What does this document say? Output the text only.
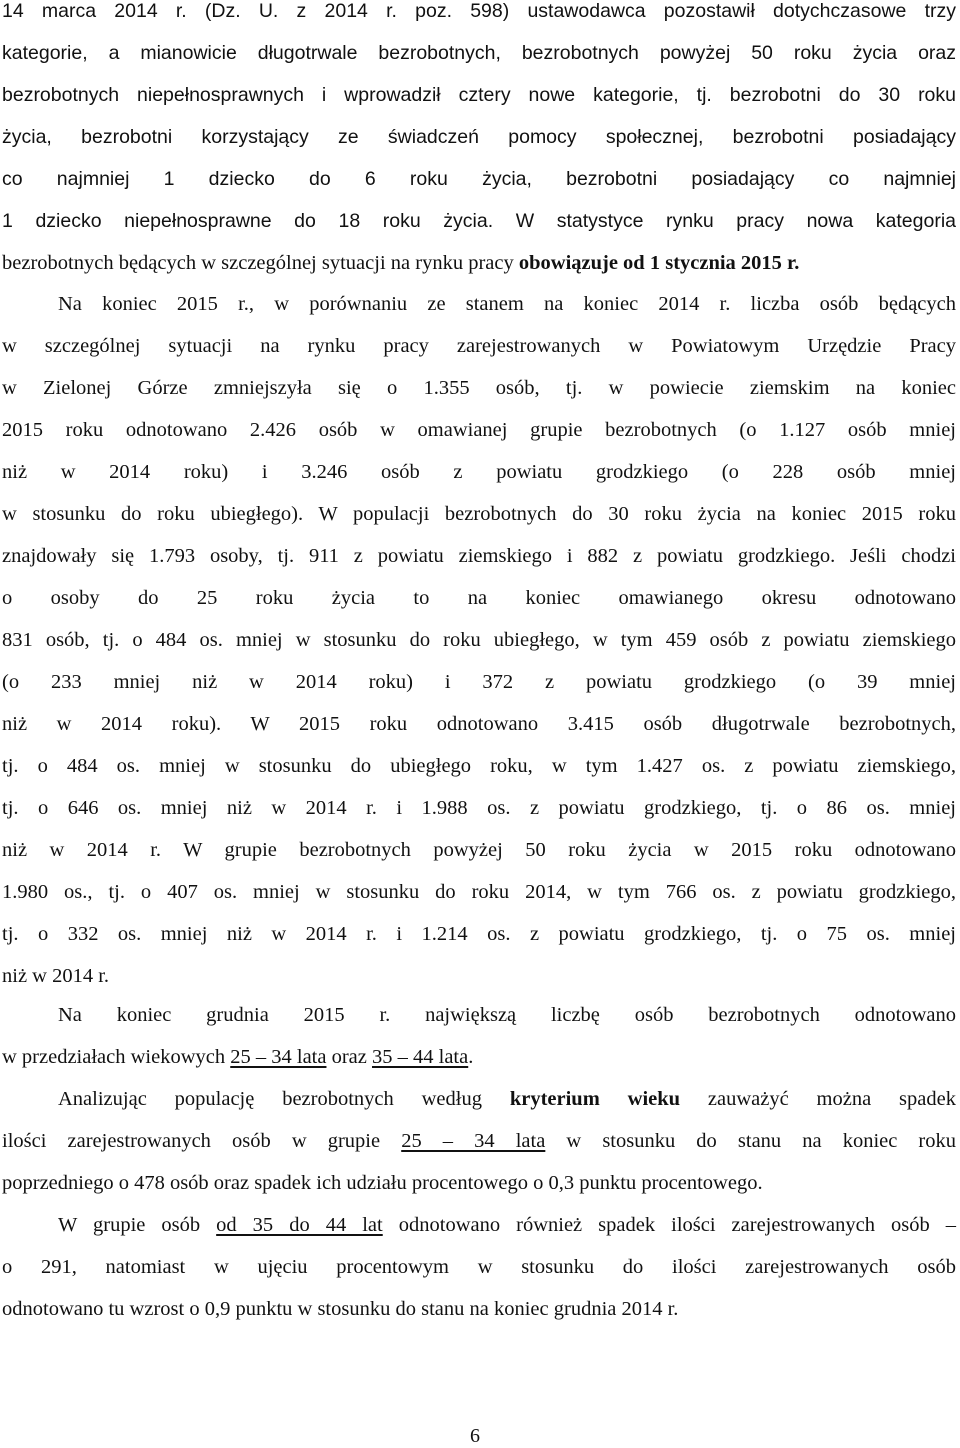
6
14 marca 2014 r. (Dz. U. z 2014 r. poz. 598) ustawodawca pozostawił dotychczasowe trzy
kategorie, a mianowicie długotrwale bezrobotnych, bezrobotnych powyżej 50 roku życia oraz
bezrobotnych niepełnosprawnych i wprowadził cztery nowe kategorie, tj. bezrobotni do 30 roku
życia, bezrobotni korzystający ze świadczeń pomocy społecznej, bezrobotni posiadający
co najmniej 1 dziecko do 6 roku życia, bezrobotni posiadający co najmniej
1 dziecko niepełnosprawne do 18 roku życia. W statystyce rynku pracy nowa kategoria
bezrobotnych będących w szczególnej sytuacji na rynku pracy obowiązuje od 1 stycznia 2015 r.
Na koniec 2015 r., w porównaniu ze stanem na koniec 2014 r. liczba osób będących
w szczególnej sytuacji na rynku pracy zarejestrowanych w Powiatowym Urzędzie Pracy
w Zielonej Górze zmniejszyła się o 1.355 osób, tj. w powiecie ziemskim na koniec
2015 roku odnotowano 2.426 osób w omawianej grupie bezrobotnych (o 1.127 osób mniej
niż w 2014 roku) i 3.246 osób z powiatu grodzkiego (o 228 osób mniej
w stosunku do roku ubiegłego). W populacji bezrobotnych do 30 roku życia na koniec 2015 roku
znajdowały się 1.793 osoby, tj. 911 z powiatu ziemskiego i 882 z powiatu grodzkiego. Jeśli chodzi
o osoby do 25 roku życia to na koniec omawianego okresu odnotowano
831 osób, tj. o 484 os. mniej w stosunku do roku ubiegłego, w tym 459 osób z powiatu ziemskiego
(o 233 mniej niż w 2014 roku) i 372 z powiatu grodzkiego (o 39 mniej
niż w 2014 roku). W 2015 roku odnotowano 3.415 osób długotrwale bezrobotnych,
tj. o 484 os. mniej w stosunku do ubiegłego roku, w tym 1.427 os. z powiatu ziemskiego,
tj. o 646 os. mniej niż w 2014 r. i 1.988 os. z powiatu grodzkiego, tj. o 86 os. mniej
niż w 2014 r. W grupie bezrobotnych powyżej 50 roku życia w 2015 roku odnotowano
1.980 os., tj. o 407 os. mniej w stosunku do roku 2014, w tym 766 os. z powiatu grodzkiego,
tj. o 332 os. mniej niż w 2014 r. i 1.214 os. z powiatu grodzkiego, tj. o 75 os. mniej
niż w 2014 r.
Na koniec grudnia 2015 r. największą liczbę osób bezrobotnych odnotowano
w przedziałach wiekowych 25 – 34 lata oraz 35 – 44 lata.
Analizując populację bezrobotnych według kryterium wieku zauważyć można spadek
ilości zarejestrowanych osób w grupie 25 – 34 lata w stosunku do stanu na koniec roku
poprzedniego o 478 osób oraz spadek ich udziału procentowego o 0,3 punktu procentowego.
W grupie osób od 35 do 44 lat odnotowano również spadek ilości zarejestrowanych osób –
o 291, natomiast w ujęciu procentowym w stosunku do ilości zarejestrowanych osób
odnotowano tu wzrost o 0,9 punktu w stosunku do stanu na koniec grudnia 2014 r.
